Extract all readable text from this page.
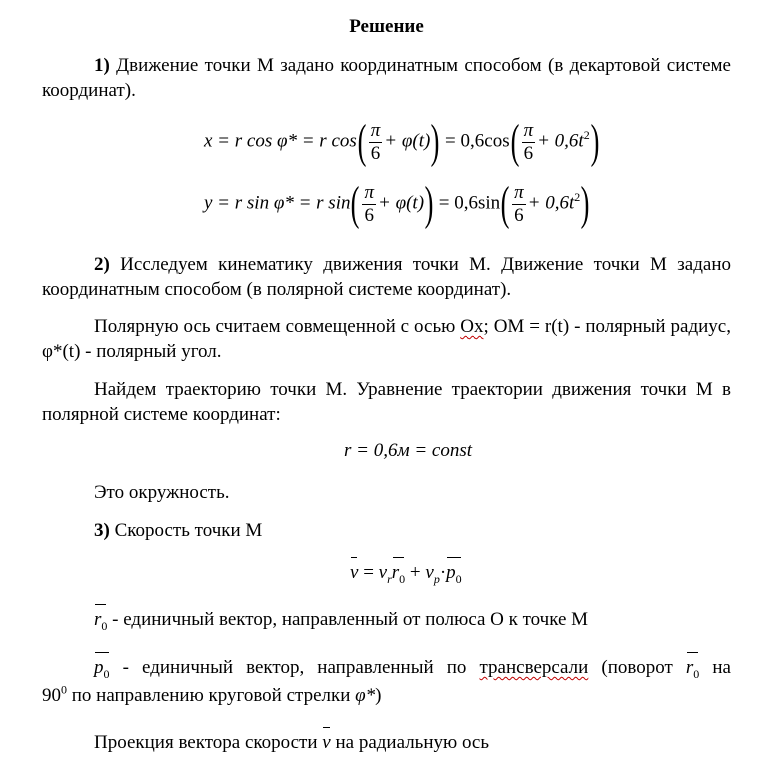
Решение
1) Движение точки М задано координатным способом (в декартовой системе координат).
x = r cos φ* = r $\cos( \frac{\pi}{6} + \varphi(t)) = 0,6\cos( \frac{\pi}{6} + 0,6t^2)$
y = r sin φ* = r $\sin( \frac{\pi}{6} + \varphi(t)) = 0,6\sin( \frac{\pi}{6} + 0,6t^2)$
2) Исследуем кинематику движения точки М. Движение точки М задано координатным способом (в полярной системе координат).
Полярную ось считаем совмещенной с осью Ох; ОМ = r(t) - полярный радиус, φ*(t) - полярный угол.
Найдем траекторию точки М. Уравнение траектории движения точки М в полярной системе координат:
r = 0,6м = const
Это окружность.
3) Скорость точки М
$v = v_rr_0 + v_p\cdot p_0$
$r_0$ - единичный вектор, направленный от полюса О к точке М
$p_0$ - единичный вектор, направленный по трансверсали (поворот $r_0$ на
$90^0$ по направлению круговой стрелки φ*)
Проекция вектора скорости v на радиальную ось
